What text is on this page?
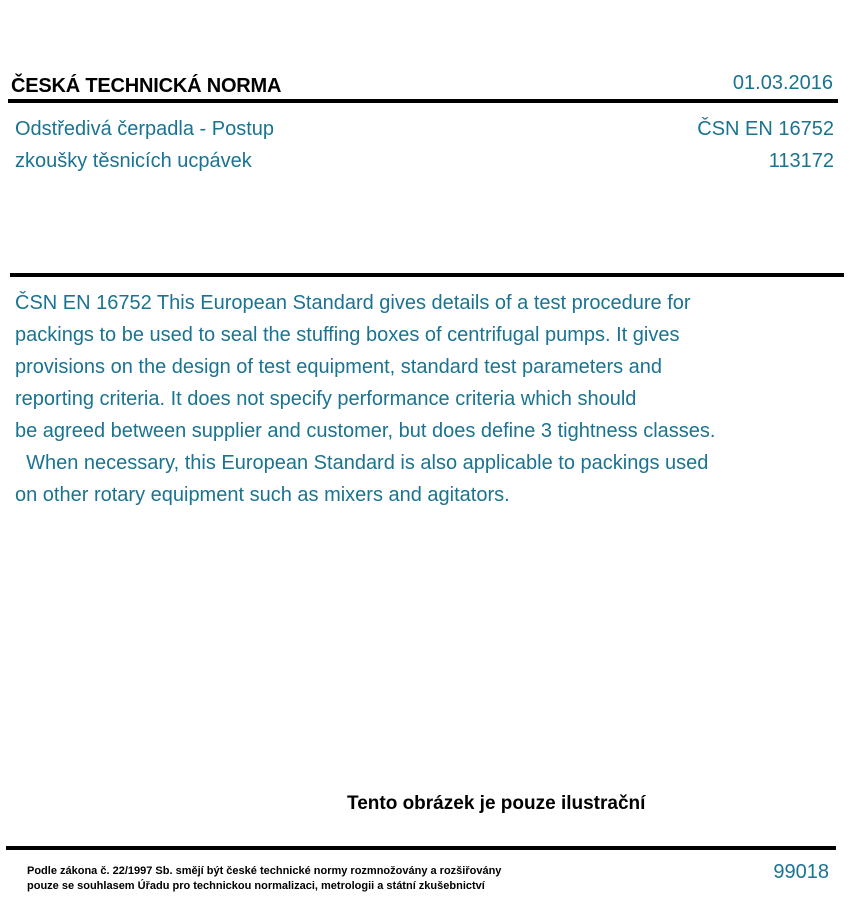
ČESKÁ TECHNICKÁ NORMA	01.03.2016
Odstředivá čerpadla - Postup
zkoušky těsnicích ucpávek
ČSN EN 16752
113172

ČSN EN 16752 This European Standard gives details of a test procedure for

packings to be used to seal the stuffing boxes of centrifugal pumps. It gives

provisions on the design of test equipment, standard test parameters and

reporting criteria. It does not specify performance criteria which should

be agreed between supplier and customer, but does define 3 tightness classes.

When necessary, this European Standard is also applicable to packings used

on other rotary equipment such as mixers and agitators.

Tento obrázek je pouze ilustrační

Podle zákona č. 22/1997 Sb. smějí být české technické normy rozmnožovány a rozšiřovány

pouze se souhlasem Úřadu pro technickou normalizaci, metrologii a státní zkušebnictví

99018
